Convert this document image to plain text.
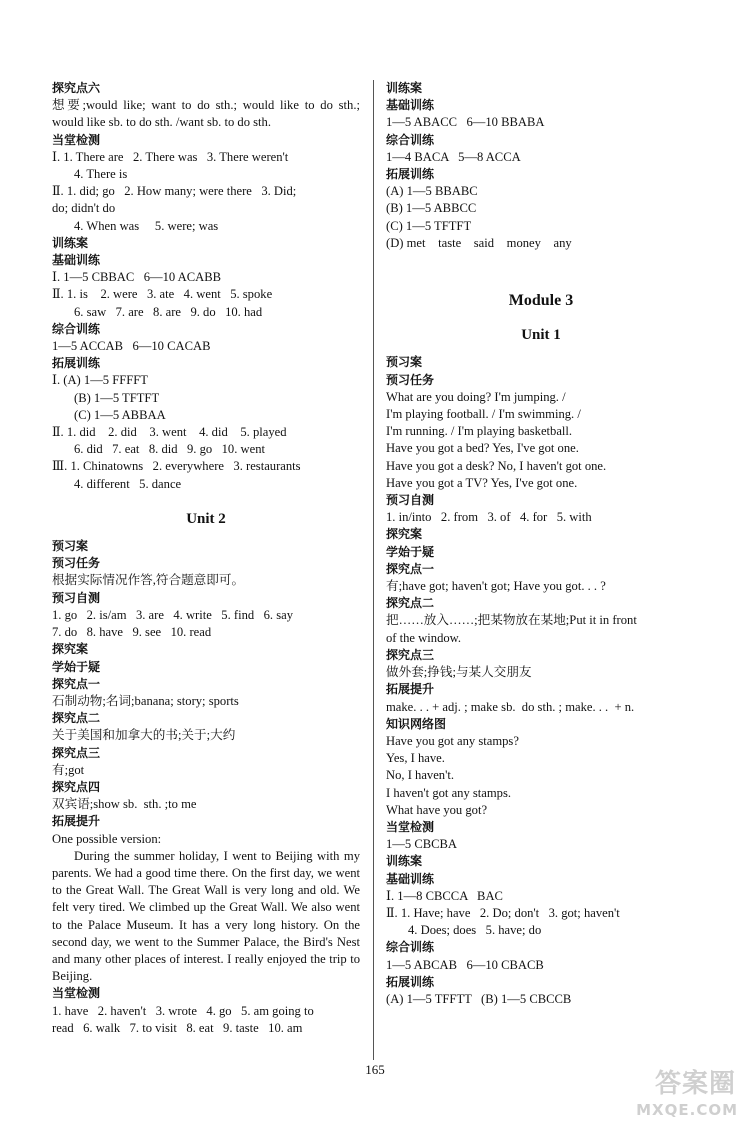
探究点六
想要;would like; want to do sth.; would like to do sth.; would like sb. to do sth. /want sb. to do sth.
当堂检测
Ⅰ. 1. There are   2. There was   3. There weren't
4. There is
Ⅱ. 1. did; go   2. How many; were there   3. Did;
do; didn't do
4. When was     5. were; was
训练案
基础训练
Ⅰ. 1—5 CBBAC   6—10 ACABB
Ⅱ. 1. is    2. were   3. ate   4. went   5. spoke
6. saw   7. are   8. are   9. do   10. had
综合训练
1—5 ACCAB   6—10 CACAB
拓展训练
Ⅰ. (A) 1—5 FFFFT
(B) 1—5 TFTFT
(C) 1—5 ABBAA
Ⅱ. 1. did    2. did    3. went    4. did    5. played
6. did   7. eat   8. did   9. go   10. went
Ⅲ. 1. Chinatowns   2. everywhere   3. restaurants
4. different   5. dance
Unit 2
预习案
预习任务
根据实际情况作答,符合题意即可。
预习自测
1. go   2. is/am   3. are   4. write   5. find   6. say
7. do   8. have   9. see   10. read
探究案
学始于疑
探究点一
石制动物;名词;banana; story; sports
探究点二
关于美国和加拿大的书;关于;大约
探究点三
有;got
探究点四
双宾语;show sb.  sth. ;to me
拓展提升
One possible version:
During the summer holiday, I went to Beijing with my parents. We had a good time there. On the first day, we went to the Great Wall. The Great Wall is very long and old. We felt very tired. We climbed up the Great Wall. We also went to the Palace Museum. It has a very long history. On the second day, we went to the Summer Palace, the Bird's Nest and many other places of interest. I really enjoyed the trip to Beijing.
当堂检测
1. have   2. haven't   3. wrote   4. go   5. am going to
read   6. walk   7. to visit   8. eat   9. taste   10. am
训练案
基础训练
1—5 ABACC   6—10 BBABA
综合训练
1—4 BACA   5—8 ACCA
拓展训练
(A) 1—5 BBABC
(B) 1—5 ABBCC
(C) 1—5 TFTFT
(D) met    taste    said    money    any
Module 3
Unit 1
预习案
预习任务
What are you doing? I'm jumping. /
I'm playing football. / I'm swimming. /
I'm running. / I'm playing basketball.
Have you got a bed? Yes, I've got one.
Have you got a desk? No, I haven't got one.
Have you got a TV? Yes, I've got one.
预习自测
1. in/into   2. from   3. of   4. for   5. with
探究案
学始于疑
探究点一
有;have got; haven't got; Have you got. . . ?
探究点二
把……放入……;把某物放在某地;Put it in front
of the window.
探究点三
做外套;挣钱;与某人交朋友
拓展提升
make. . . + adj. ; make sb.  do sth. ; make. . .  + n.
知识网络图
Have you got any stamps?
Yes, I have.
No, I haven't.
I haven't got any stamps.
What have you got?
当堂检测
1—5 CBCBA
训练案
基础训练
Ⅰ. 1—8 CBCCA   BAC
Ⅱ. 1. Have; have   2. Do; don't   3. got; haven't
4. Does; does   5. have; do
综合训练
1—5 ABCAB   6—10 CBACB
拓展训练
(A) 1—5 TFFTT   (B) 1—5 CBCCB
165	答案圈
MXQE.COM
